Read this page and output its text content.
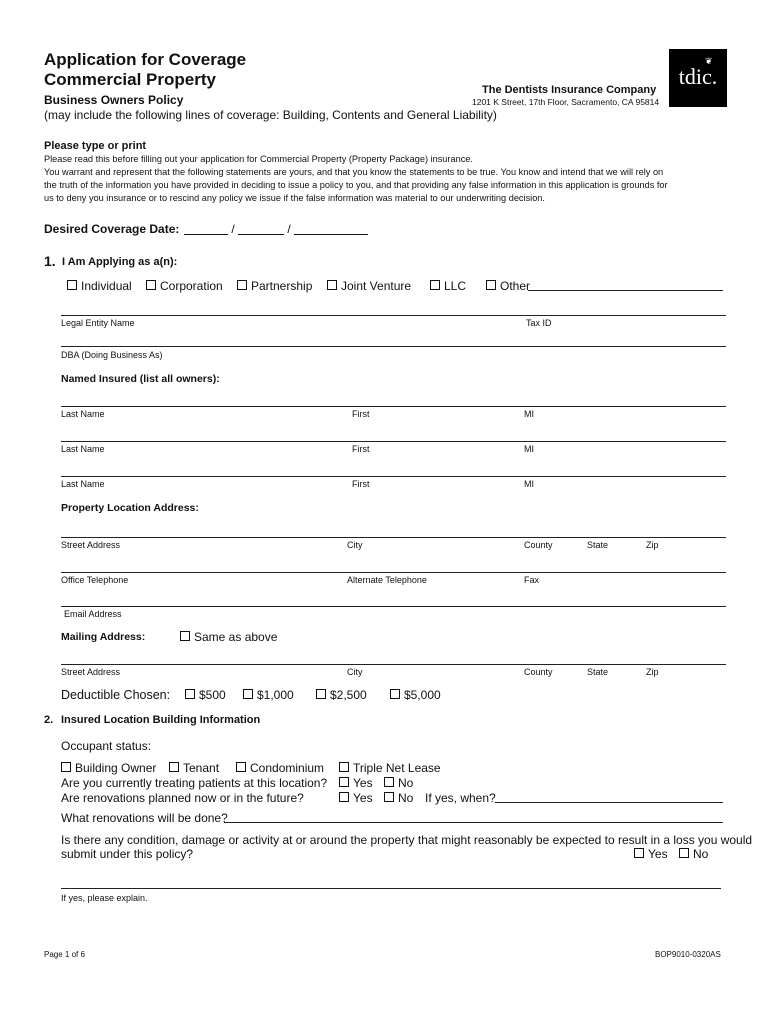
Application for Coverage
Commercial Property
Business Owners Policy
(may include the following lines of coverage: Building, Contents and General Liability)
The Dentists Insurance Company
1201 K Street, 17th Floor, Sacramento, CA 95814
tdic.
❦
Please type or print
Please read this before filling out your application for Commercial Property (Property Package) insurance.
You warrant and represent that the following statements are yours, and that you know the statements to be true. You know and intend that we will rely on
the truth of the information you have provided in deciding to issue a policy to you, and that providing any false information in this application is grounds for
us to deny you insurance or to rescind any policy we issue if the false information was material to our underwriting decision.
Desired Coverage Date:	/	/
1. I Am Applying as a(n):
Individual	Corporation	Partnership	Joint Venture	LLC	Other
Legal Entity Name	Tax ID
DBA (Doing Business As)
Named Insured (list all owners):
Last Name	First	MI
Last Name	First	MI
Last Name	First	MI
Property Location Address:
Street Address	City	County	State	Zip
Office Telephone	Alternate Telephone	Fax
Email Address
Mailing Address:	Same as above
Street Address	City	County	State	Zip
Deductible Chosen:	$500	$1,000	$2,500	$5,000
2. Insured Location Building Information
Occupant status:
Building Owner	Tenant	Condominium	Triple Net Lease
Are you currently treating patients at this location?	Yes	No
Are renovations planned now or in the future?	Yes	No If yes, when?
What renovations will be done?
Is there any condition, damage or activity at or around the property that might reasonably be expected to result in a loss you would
submit under this policy?	Yes	No
If yes, please explain.
Page 1 of 6	BOP9010-0320AS
